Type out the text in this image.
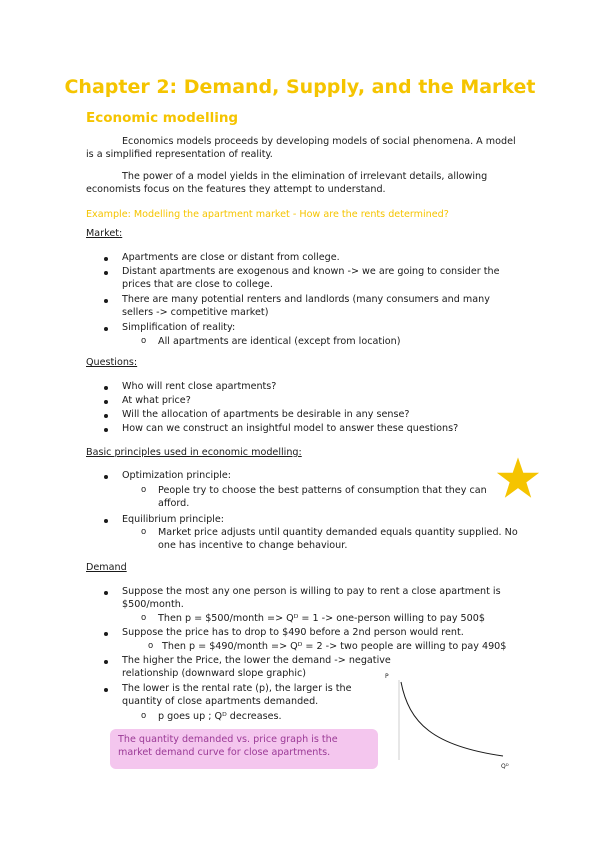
Chapter 2: Demand, Supply, and the Market
Economic modelling

Economics models proceeds by developing models of social phenomena. A model is a simplified representation of reality.

The power of a model yields in the elimination of irrelevant details, allowing economists focus on the features they attempt to understand.

Example: Modelling the apartment market - How are the rents determined?

Market:

Apartments are close or distant from college.

Distant apartments are exogenous and known -> we are going to consider the prices that are close to college.

There are many potential renters and landlords (many consumers and many sellers -> competitive market)

Simplification of reality:

o All apartments are identical (except from location)

Questions:

Who will rent close apartments?

At what price?

Will the allocation of apartments be desirable in any sense?

How can we construct an insightful model to answer these questions?

Basic principles used in economic modelling:

Optimization principle:

o People try to choose the best patterns of consumption that they can afford.

Equilibrium principle:

o Market price adjusts until quantity demanded equals quantity supplied. No one has incentive to change behaviour.

Demand

Suppose the most any one person is willing to pay to rent a close apartment is $500/month.

o Then p = $500/month => Qᴰ = 1 -> one-person willing to pay 500$

Suppose the price has to drop to $490 before a 2nd person would rent.

o Then p = $490/month => Qᴰ = 2 -> two people are willing to pay 490$

The higher the Price, the lower the demand -> negative relationship (downward slope graphic)

The lower is the rental rate (p), the larger is the quantity of close apartments demanded.

o p goes up ; Qᴰ decreases.

The quantity demanded vs. price graph is the market demand curve for close apartments.
P
Qᴰ
